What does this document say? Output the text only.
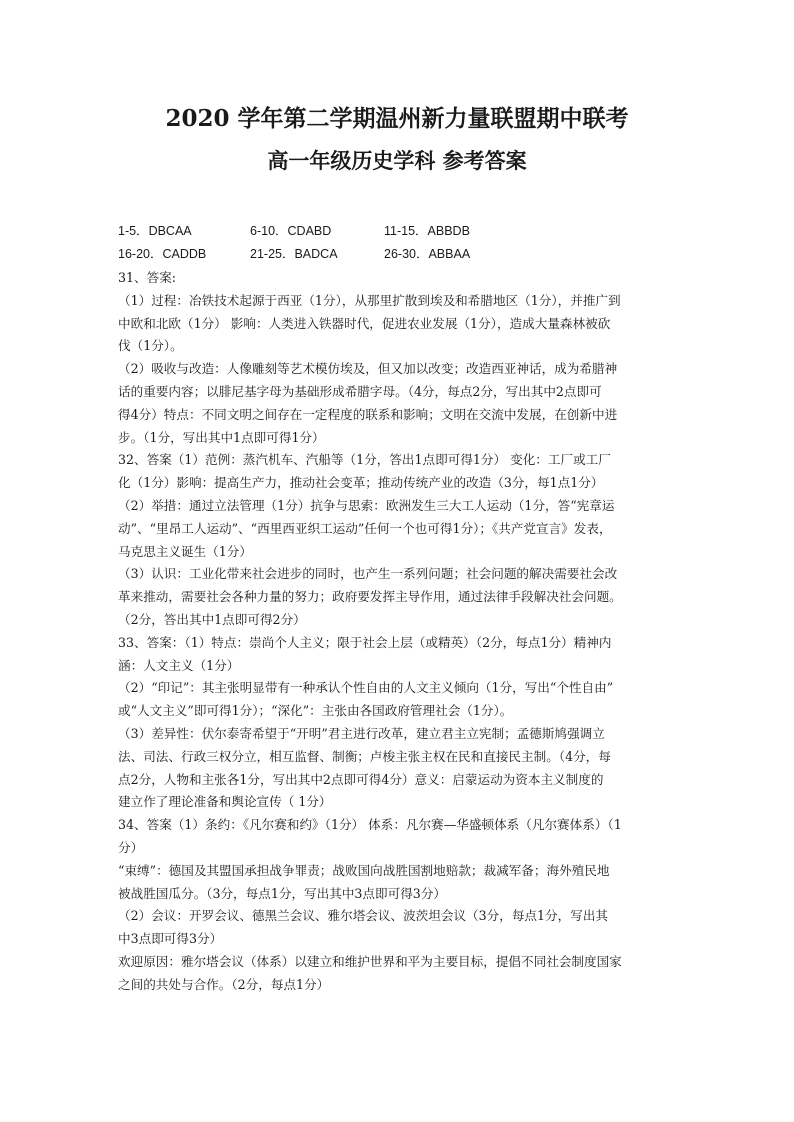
2020 学年第二学期温州新力量联盟期中联考
高一年级历史学科 参考答案
1-5．DBCAA	6-10．CDABD	11-15．ABBDB
16-20．CADDB	21-25．BADCA	26-30．ABBAA
31、答案:
（1）过程：冶铁技术起源于西亚（1分），从那里扩散到埃及和希腊地区（1分），并推广到
中欧和北欧（1分） 影响：人类进入铁器时代，促进农业发展（1分），造成大量森林被砍
伐（1分）。
（2）吸收与改造：人像雕刻等艺术模仿埃及，但又加以改变；改造西亚神话，成为希腊神
话的重要内容；以腓尼基字母为基础形成希腊字母。（4分，每点2分，写出其中2点即可
得4分）特点：不同文明之间存在一定程度的联系和影响；文明在交流中发展，在创新中进
步。（1分，写出其中1点即可得1分）
32、答案（1）范例：蒸汽机车、汽船等（1分，答出1点即可得1分） 变化：工厂或工厂
化（1分）影响：提高生产力，推动社会变革；推动传统产业的改造（3分，每1点1分）
（2）举措：通过立法管理（1分）抗争与思索：欧洲发生三大工人运动（1分，答“宪章运
动”、“里昂工人运动”、“西里西亚织工运动”任何一个也可得1分）；《共产党宣言》发表，
马克思主义诞生（1分）
（3）认识：工业化带来社会进步的同时，也产生一系列问题；社会问题的解决需要社会改
革来推动，需要社会各种力量的努力；政府要发挥主导作用，通过法律手段解决社会问题。
（2分，答出其中1点即可得2分）
33、答案：（1）特点：崇尚个人主义；限于社会上层（或精英）（2分，每点1分）精神内
涵：人文主义（1分）
（2）“印记”：其主张明显带有一种承认个性自由的人文主义倾向（1分，写出“个性自由”
或“人文主义”即可得1分）；“深化”：主张由各国政府管理社会（1分）。
（3）差异性：伏尔泰寄希望于“开明”君主进行改革，建立君主立宪制；孟德斯鸠强调立
法、司法、行政三权分立，相互监督、制衡；卢梭主张主权在民和直接民主制。（4分，每
点2分，人物和主张各1分，写出其中2点即可得4分）意义：启蒙运动为资本主义制度的
建立作了理论准备和舆论宣传（ 1分）
34、答案（1）条约：《凡尔赛和约》（1分） 体系：凡尔赛—华盛顿体系（凡尔赛体系）（1
分）
“束缚”：德国及其盟国承担战争罪责；战败国向战胜国割地赔款；裁减军备；海外殖民地
被战胜国瓜分。（3分，每点1分，写出其中3点即可得3分）
（2）会议：开罗会议、德黑兰会议、雅尔塔会议、波茨坦会议（3分，每点1分，写出其
中3点即可得3分）
欢迎原因：雅尔塔会议（体系）以建立和维护世界和平为主要目标，提倡不同社会制度国家
之间的共处与合作。（2分，每点1分）
